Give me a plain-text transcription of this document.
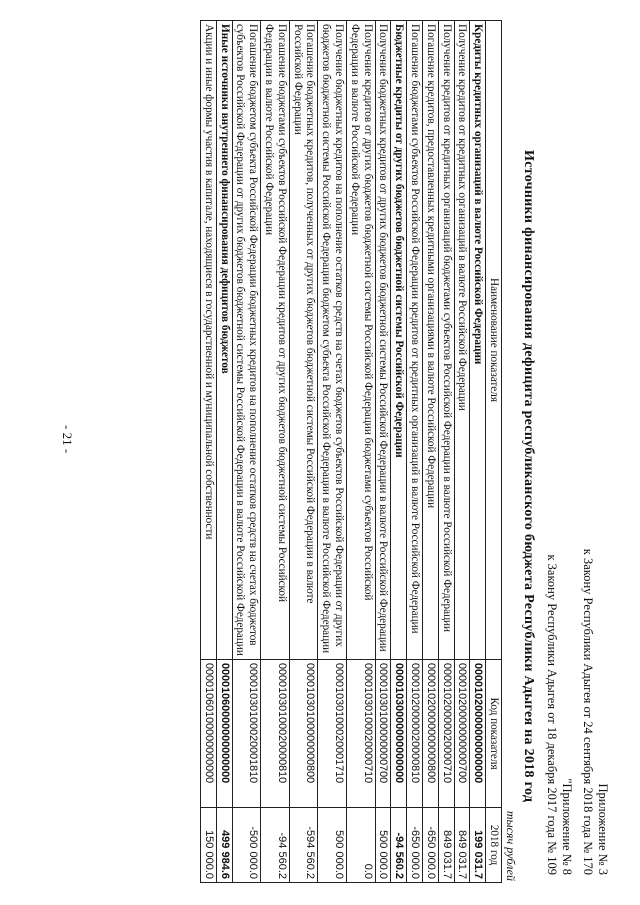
- 21 -
Приложение № 3
к Закону Республики Адыгея от 24 сентября 2018 года № 170
"Приложение № 8
к Закону Республики Адыгея от 18 декабря 2017 года № 109
Источники финансирования дефицита республиканского бюджета Республики Адыгея на 2018 год
тысяч рублей
Наименование показателя	Код показателя	2018 год
Кредиты кредитных организаций в валюте Российской Федерации	00001020000000000000	199 031.7
Получение кредитов от кредитных организаций в валюте Российской Федерации	00001020000000000700	849 031.7
Получение кредитов от кредитных организаций бюджетами субъектов Российской Федерации в валюте Российской Федерации	00001020000020000710	849 031.7
Погашение кредитов, предоставленных кредитными организациями в валюте Российской Федерации	00001020000000000800	-650 000.0
Погашение бюджетами субъектов Российской Федерации кредитов от кредитных организаций в валюте Российской Федерации	00001020000020000810	-650 000.0
Бюджетные кредиты от других бюджетов бюджетной системы Российской Федерации	00001030000000000000	-94 560.2
Получение бюджетных кредитов от других бюджетов бюджетной системы Российской Федерации в валюте Российской Федерации	00001030100000000700	500 000.0
Получение кредитов от других бюджетов бюджетной системы Российской Федерации бюджетами субъектов Российской Федерации в валюте Российской Федерации	00001030100020000710	0.0
Получение бюджетных кредитов на пополнение остатков средств на счетах бюджетов субъектов Российской Федерации от других бюджетов бюджетной системы Российской Федерации бюджетом субъекта Российской Федерации в валюте Российской Федерации	00001030100020001710	500 000.0
Погашение бюджетных кредитов, полученных от других бюджетов бюджетной системы Российской Федерации в валюте Российской Федерации	00001030100000000800	-594 560.2
Погашение бюджетами субъектов Российской Федерации кредитов от других бюджетов бюджетной системы Российской Федерации в валюте Российской Федерации	00001030100020000810	-94 560.2
Погашение бюджетом субъекта Российской Федерации бюджетных кредитов на пополнение остатков средств на счетах бюджетов субъектов Российской Федерации от других бюджетов бюджетной системы Российской Федерации в валюте Российской Федерации	00001030100020001810	-500 000.0
Иные источники внутреннего финансирования дефицитов бюджетов	00001060000000000000	499 984.6
Акции и иные формы участия в капитале, находящиеся в государственной и муниципальной собственности	00001060100000000000	150 000.0
